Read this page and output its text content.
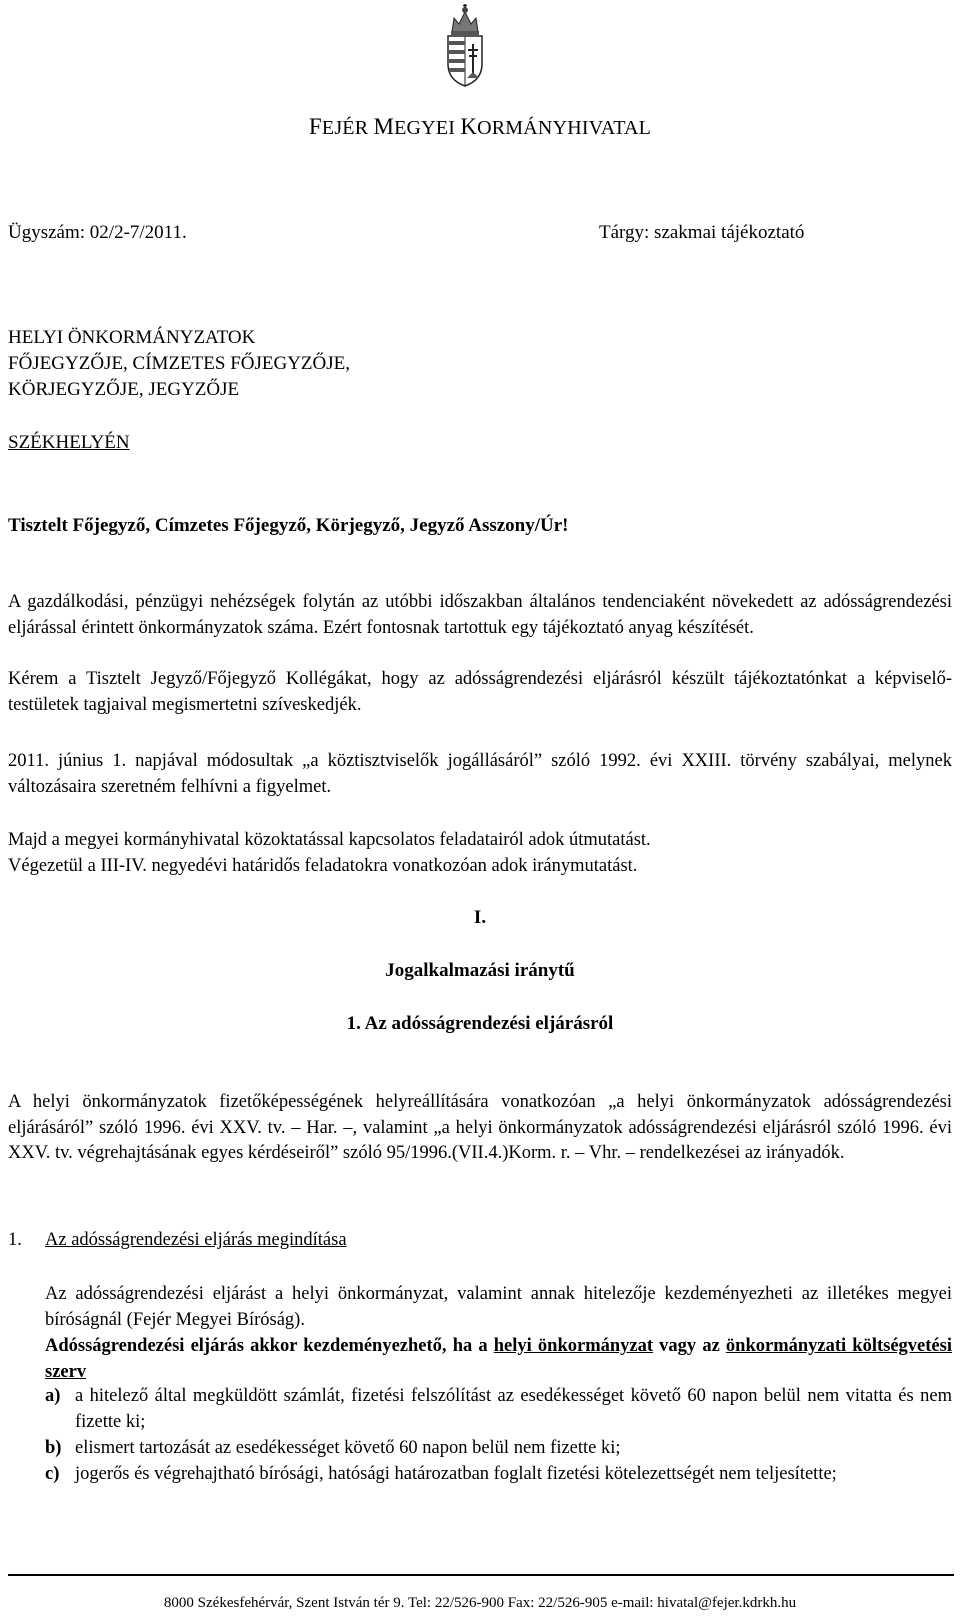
FEJÉR MEGYEI KORMÁNYHIVATAL
Ügyszám: 02/2-7/2011.	Tárgy: szakmai tájékoztató
HELYI ÖNKORMÁNYZATOK
FŐJEGYZŐJE, CÍMZETES FŐJEGYZŐJE,
KÖRJEGYZŐJE, JEGYZŐJE
SZÉKHELYÉN
Tisztelt Főjegyző, Címzetes Főjegyző, Körjegyző, Jegyző Asszony/Úr!
A gazdálkodási, pénzügyi nehézségek folytán az utóbbi időszakban általános tendenciaként növekedett az adósságrendezési eljárással érintett önkormányzatok száma. Ezért fontosnak tartottuk egy tájékoztató anyag készítését.
Kérem a Tisztelt Jegyző/Főjegyző Kollégákat, hogy az adósságrendezési eljárásról készült tájékoztatónkat a képviselő-testületek tagjaival megismertetni szíveskedjék.
2011. június 1. napjával módosultak „a köztisztviselők jogállásáról” szóló 1992. évi XXIII. törvény szabályai, melynek változásaira szeretném felhívni a figyelmet.
Majd a megyei kormányhivatal közoktatással kapcsolatos feladatairól adok útmutatást.
Végezetül a III-IV. negyedévi határidős feladatokra vonatkozóan adok iránymutatást.
I.
Jogalkalmazási iránytű
1. Az adósságrendezési eljárásról
A helyi önkormányzatok fizetőképességének helyreállítására vonatkozóan „a helyi önkormányzatok adósságrendezési eljárásáról” szóló 1996. évi XXV. tv. – Har. –, valamint „a helyi önkormányzatok adósságrendezési eljárásról szóló 1996. évi XXV. tv. végrehajtásának egyes kérdéseiről” szóló 95/1996.(VII.4.)Korm. r. – Vhr. – rendelkezései az irányadók.
1. Az adósságrendezési eljárás megindítása
Az adósságrendezési eljárást a helyi önkormányzat, valamint annak hitelezője kezdeményezheti az illetékes megyei bíróságnál (Fejér Megyei Bíróság).
Adósságrendezési eljárás akkor kezdeményezhető, ha a helyi önkormányzat vagy az önkormányzati költségvetési szerv
a) a hitelező által megküldött számlát, fizetési felszólítást az esedékességet követő 60 napon belül nem vitatta és nem fizette ki;
b) elismert tartozását az esedékességet követő 60 napon belül nem fizette ki;
c) jogerős és végrehajtható bírósági, hatósági határozatban foglalt fizetési kötelezettségét nem teljesítette;
8000 Székesfehérvár, Szent István tér 9. Tel: 22/526-900 Fax: 22/526-905 e-mail: hivatal@fejer.kdrkh.hu
